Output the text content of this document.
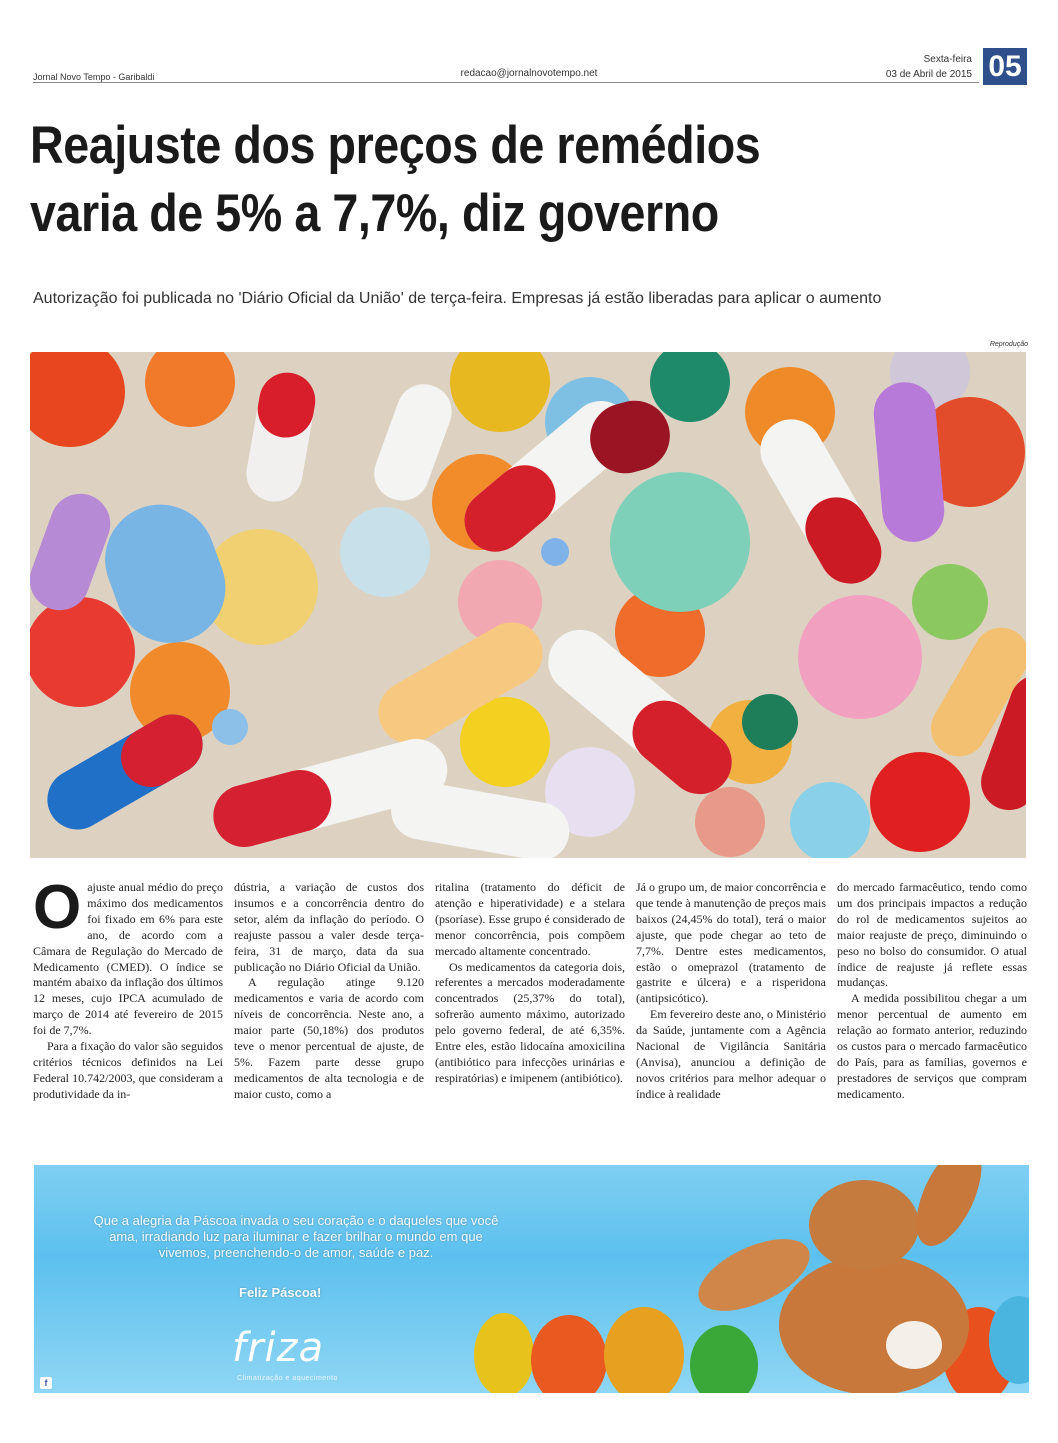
Jornal Novo Tempo - Garibaldi	redacao@jornalnovotempo.net
Sexta-feira
03 de Abril de 2015 05
Reajuste dos preços de remédios
varia de 5% a 7,7%, diz governo
Autorização foi publicada no 'Diário Oficial da União' de terça-feira. Empresas já estão liberadas para aplicar o aumento
Reprodução
O ajuste anual médio do preço máximo dos medicamentos foi fixado em 6% para este ano, de acordo com a Câmara de Regulação do Mercado de Medicamento (CMED). O índice se mantém abaixo da inflação dos últimos 12 meses, cujo IPCA acumulado de março de 2014 até fevereiro de 2015 foi de 7,7%.

Para a fixação do valor são seguidos critérios técnicos definidos na Lei Federal 10.742/2003, que consideram a produtividade da in-

dústria, a variação de custos dos insumos e a concorrência dentro do setor, além da inflação do período. O reajuste passou a valer desde terça-feira, 31 de março, data da sua publicação no Diário Oficial da União.

A regulação atinge 9.120 medicamentos e varia de acordo com níveis de concorrência. Neste ano, a maior parte (50,18%) dos produtos teve o menor percentual de ajuste, de 5%. Fazem parte desse grupo medicamentos de alta tecnologia e de maior custo, como a

ritalina (tratamento do déficit de atenção e hiperatividade) e a stelara (psoríase). Esse grupo é considerado de menor concorrência, pois compõem mercado altamente concentrado.

Os medicamentos da categoria dois, referentes a mercados moderadamente concentrados (25,37% do total), sofrerão aumento máximo, autorizado pelo governo federal, de até 6,35%. Entre eles, estão lidocaína amoxicilina (antibiótico para infecções urinárias e respiratórias) e imipenem (antibiótico).

Já o grupo um, de maior concorrência e que tende à manutenção de preços mais baixos (24,45% do total), terá o maior ajuste, que pode chegar ao teto de 7,7%. Dentre estes medicamentos, estão o omeprazol (tratamento de gastrite e úlcera) e a risperidona (antipsicótico).

Em fevereiro deste ano, o Ministério da Saúde, juntamente com a Agência Nacional de Vigilância Sanitária (Anvisa), anunciou a definição de novos critérios para melhor adequar o índice à realidade

do mercado farmacêutico, tendo como um dos principais impactos a redução do rol de medicamentos sujeitos ao maior reajuste de preço, diminuindo o peso no bolso do consumidor. O atual índice de reajuste já reflete essas mudanças.

A medida possibilitou chegar a um menor percentual de aumento em relação ao formato anterior, reduzindo os custos para o mercado farmacêutico do País, para as famílias, governos e prestadores de serviços que compram medicamento.

Que a alegria da Páscoa invada o seu coração e o daqueles que você ama, irradiando luz para iluminar e fazer brilhar o mundo em que vivemos, preenchendo-o de amor, saúde e paz.
Feliz Páscoa!
friza
Climatização e aquecimento
f
